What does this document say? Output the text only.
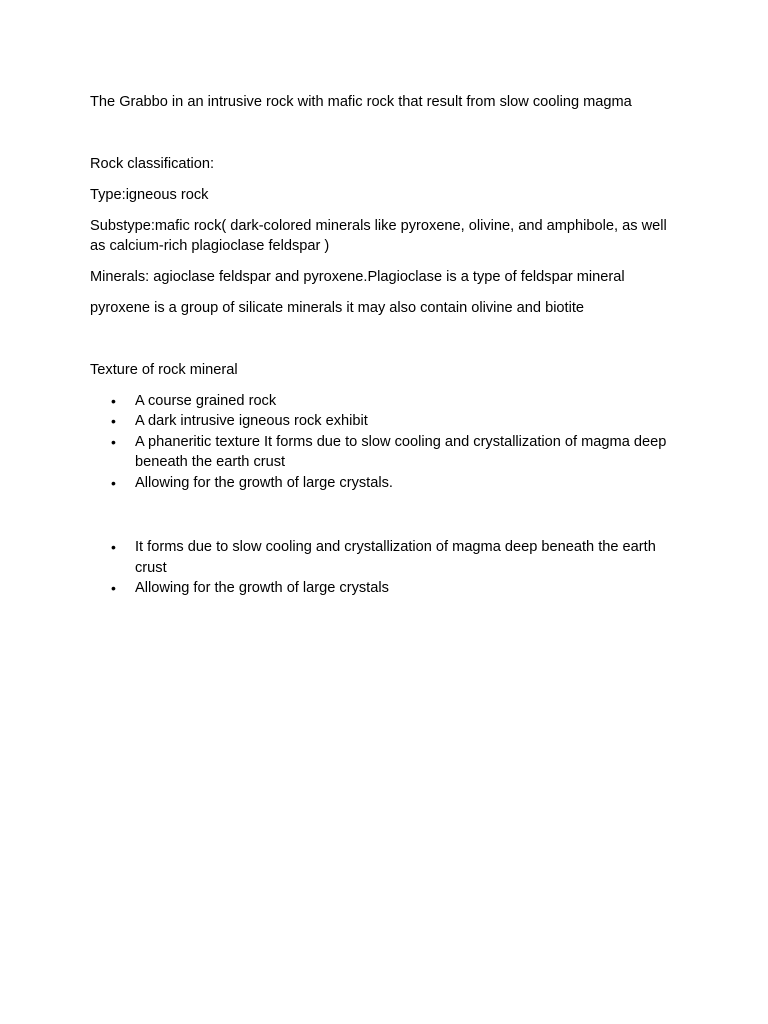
The Grabbo in an intrusive rock with mafic rock that result from slow cooling magma

Rock classification:

Type:igneous rock

Substype:mafic rock( dark-colored minerals like pyroxene, olivine, and amphibole, as well as calcium-rich plagioclase feldspar )

Minerals: agioclase feldspar and pyroxene.Plagioclase is a type of feldspar mineral

pyroxene is a group of silicate minerals it may also contain olivine and biotite

Texture of rock mineral

• A course grained rock
• A dark intrusive igneous rock exhibit
• A phaneritic texture It forms due to slow cooling and crystallization of magma deep beneath the earth crust
• Allowing for the growth of large crystals.
• It forms due to slow cooling and crystallization of magma deep beneath the earth crust
• Allowing for the growth of large crystals
